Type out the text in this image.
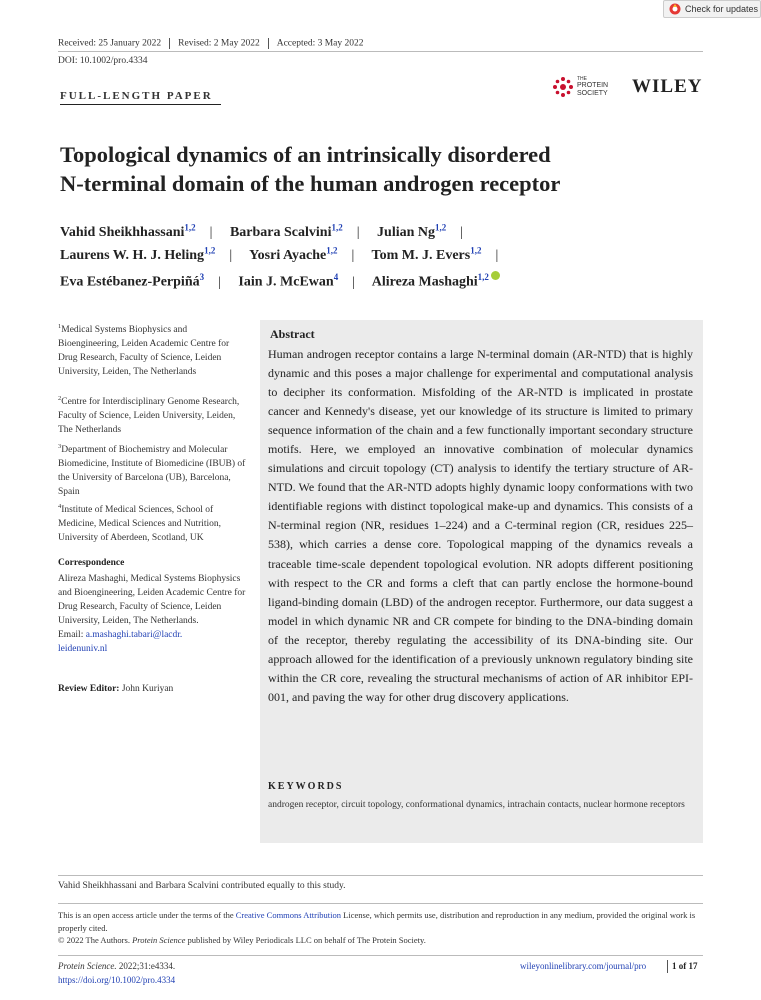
Check for updates
Received: 25 January 2022 Revised: 2 May 2022 Accepted: 3 May 2022
DOI: 10.1002/pro.4334
THE
PROTEIN
SOCIETY WILEY
FULL-LENGTH PAPER
Topological dynamics of an intrinsically disordered
N-terminal domain of the human androgen receptor
Vahid Sheikhhassani$^{1,2}$ | Barbara Scalvini$^{1,2}$ | Julian Ng$^{1,2}$ |
Laurens W. H. J. Heling$^{1,2}$ | Yosri Ayache$^{1,2}$ | Tom M. J. Evers$^{1,2}$ |
Eva Estébanez-Perpiñá$^3$ | Iain J. McEwan$^4$ | Alireza Mashaghi$^{1,2}$
$^1$Medical Systems Biophysics and Bioengineering, Leiden Academic Centre for Drug Research, Faculty of Science, Leiden University, Leiden, The Netherlands
$^2$Centre for Interdisciplinary Genome Research, Faculty of Science, Leiden University, Leiden, The Netherlands
$^3$Department of Biochemistry and Molecular Biomedicine, Institute of Biomedicine (IBUB) of the University of Barcelona (UB), Barcelona, Spain
$^4$Institute of Medical Sciences, School of Medicine, Medical Sciences and Nutrition, University of Aberdeen, Scotland, UK
Correspondence
Alireza Mashaghi, Medical Systems Biophysics and Bioengineering, Leiden Academic Centre for Drug Research, Faculty of Science, Leiden University, Leiden, The Netherlands.
Email: a.mashaghi.tabari@lacdr.
leidenuniv.nl
Review Editor: John Kuriyan
Abstract
Human androgen receptor contains a large N-terminal domain (AR-NTD) that is highly dynamic and this poses a major challenge for experimental and computational analysis to decipher its conformation. Misfolding of the AR-NTD is implicated in prostate cancer and Kennedy's disease, yet our knowledge of its structure is limited to primary sequence information of the chain and a few functionally important secondary structure motifs. Here, we employed an innovative combination of molecular dynamics simulations and circuit topology (CT) analysis to identify the tertiary structure of AR-NTD. We found that the AR-NTD adopts highly dynamic loopy conformations with two identifiable regions with distinct topological make-up and dynamics. This consists of a N-terminal region (NR, residues 1–224) and a C-terminal region (CR, residues 225–538), which carries a dense core. Topological mapping of the dynamics reveals a traceable time-scale dependent topological evolution. NR adopts different positioning with respect to the CR and forms a cleft that can partly enclose the hormone-bound ligand-binding domain (LBD) of the androgen receptor. Furthermore, our data suggest a model in which dynamic NR and CR compete for binding to the DNA-binding domain of the receptor, thereby regulating the accessibility of its DNA-binding site. Our approach allowed for the identification of a previously unknown regulatory binding site within the CR core, revealing the structural mechanisms of action of AR inhibitor EPI-001, and paving the way for other drug discovery applications.
KEYWORDS
androgen receptor, circuit topology, conformational dynamics, intrachain contacts, nuclear hormone receptors
Vahid Sheikhhassani and Barbara Scalvini contributed equally to this study.
This is an open access article under the terms of the Creative Commons Attribution License, which permits use, distribution and reproduction in any medium, provided the original work is properly cited.
© 2022 The Authors. Protein Science published by Wiley Periodicals LLC on behalf of The Protein Society.
Protein Science. 2022;31:e4334.
https://doi.org/10.1002/pro.4334
wileyonlinelibrary.com/journal/pro	1 of 17
